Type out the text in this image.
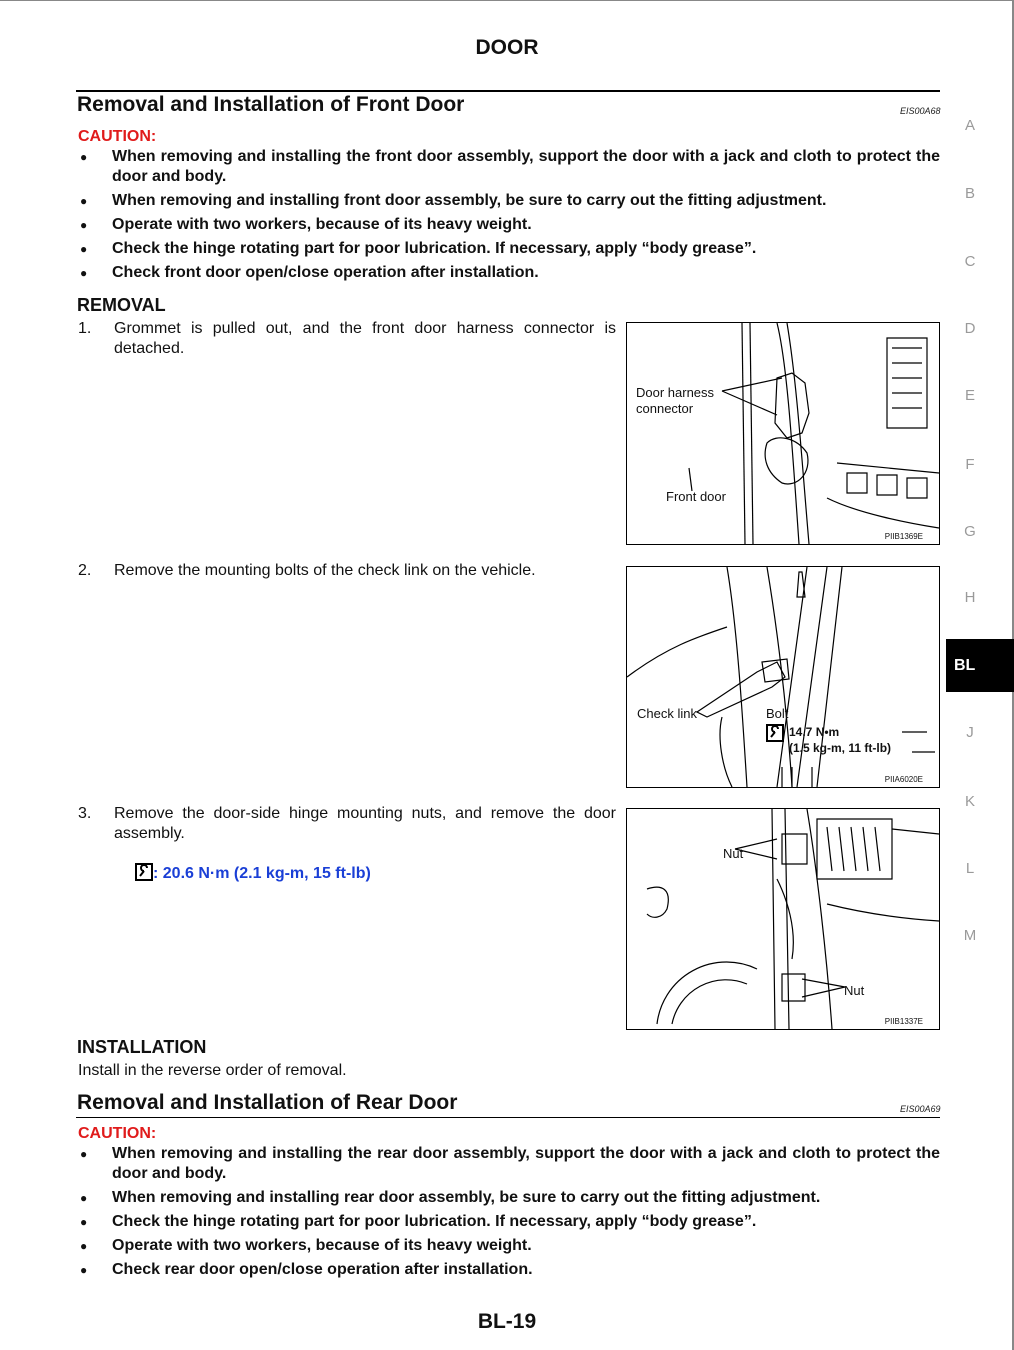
DOOR
Removal and Installation of Front Door	EIS00A68
CAUTION:
● When removing and installing the front door assembly, support the door with a jack and cloth to protect the door and body.
● When removing and installing front door assembly, be sure to carry out the fitting adjustment.
● Operate with two workers, because of its heavy weight.
● Check the hinge rotating part for poor lubrication. If necessary, apply “body grease”.
● Check front door open/close operation after installation.
REMOVAL
1. Grommet is pulled out, and the front door harness connector is detached.
2. Remove the mounting bolts of the check link on the vehicle.
3. Remove the door-side hinge mounting nuts, and remove the door assembly.
: 20.6 N·m (2.1 kg-m, 15 ft-lb)
Door harness
connector
Front door
PIIB1369E
Check link	Bolt
14.7 N•m
(1.5 kg-m, 11 ft-lb)
PIIA6020E
Nut
Nut
PIIB1337E
INSTALLATION
Install in the reverse order of removal.
Removal and Installation of Rear Door	EIS00A69
CAUTION:
● When removing and installing the rear door assembly, support the door with a jack and cloth to protect the door and body.
● When removing and installing rear door assembly, be sure to carry out the fitting adjustment.
● Check the hinge rotating part for poor lubrication. If necessary, apply “body grease”.
● Operate with two workers, because of its heavy weight.
● Check rear door open/close operation after installation.
A
B
C
D
E
F
G
H
J
K
L
M
BL
BL-19
